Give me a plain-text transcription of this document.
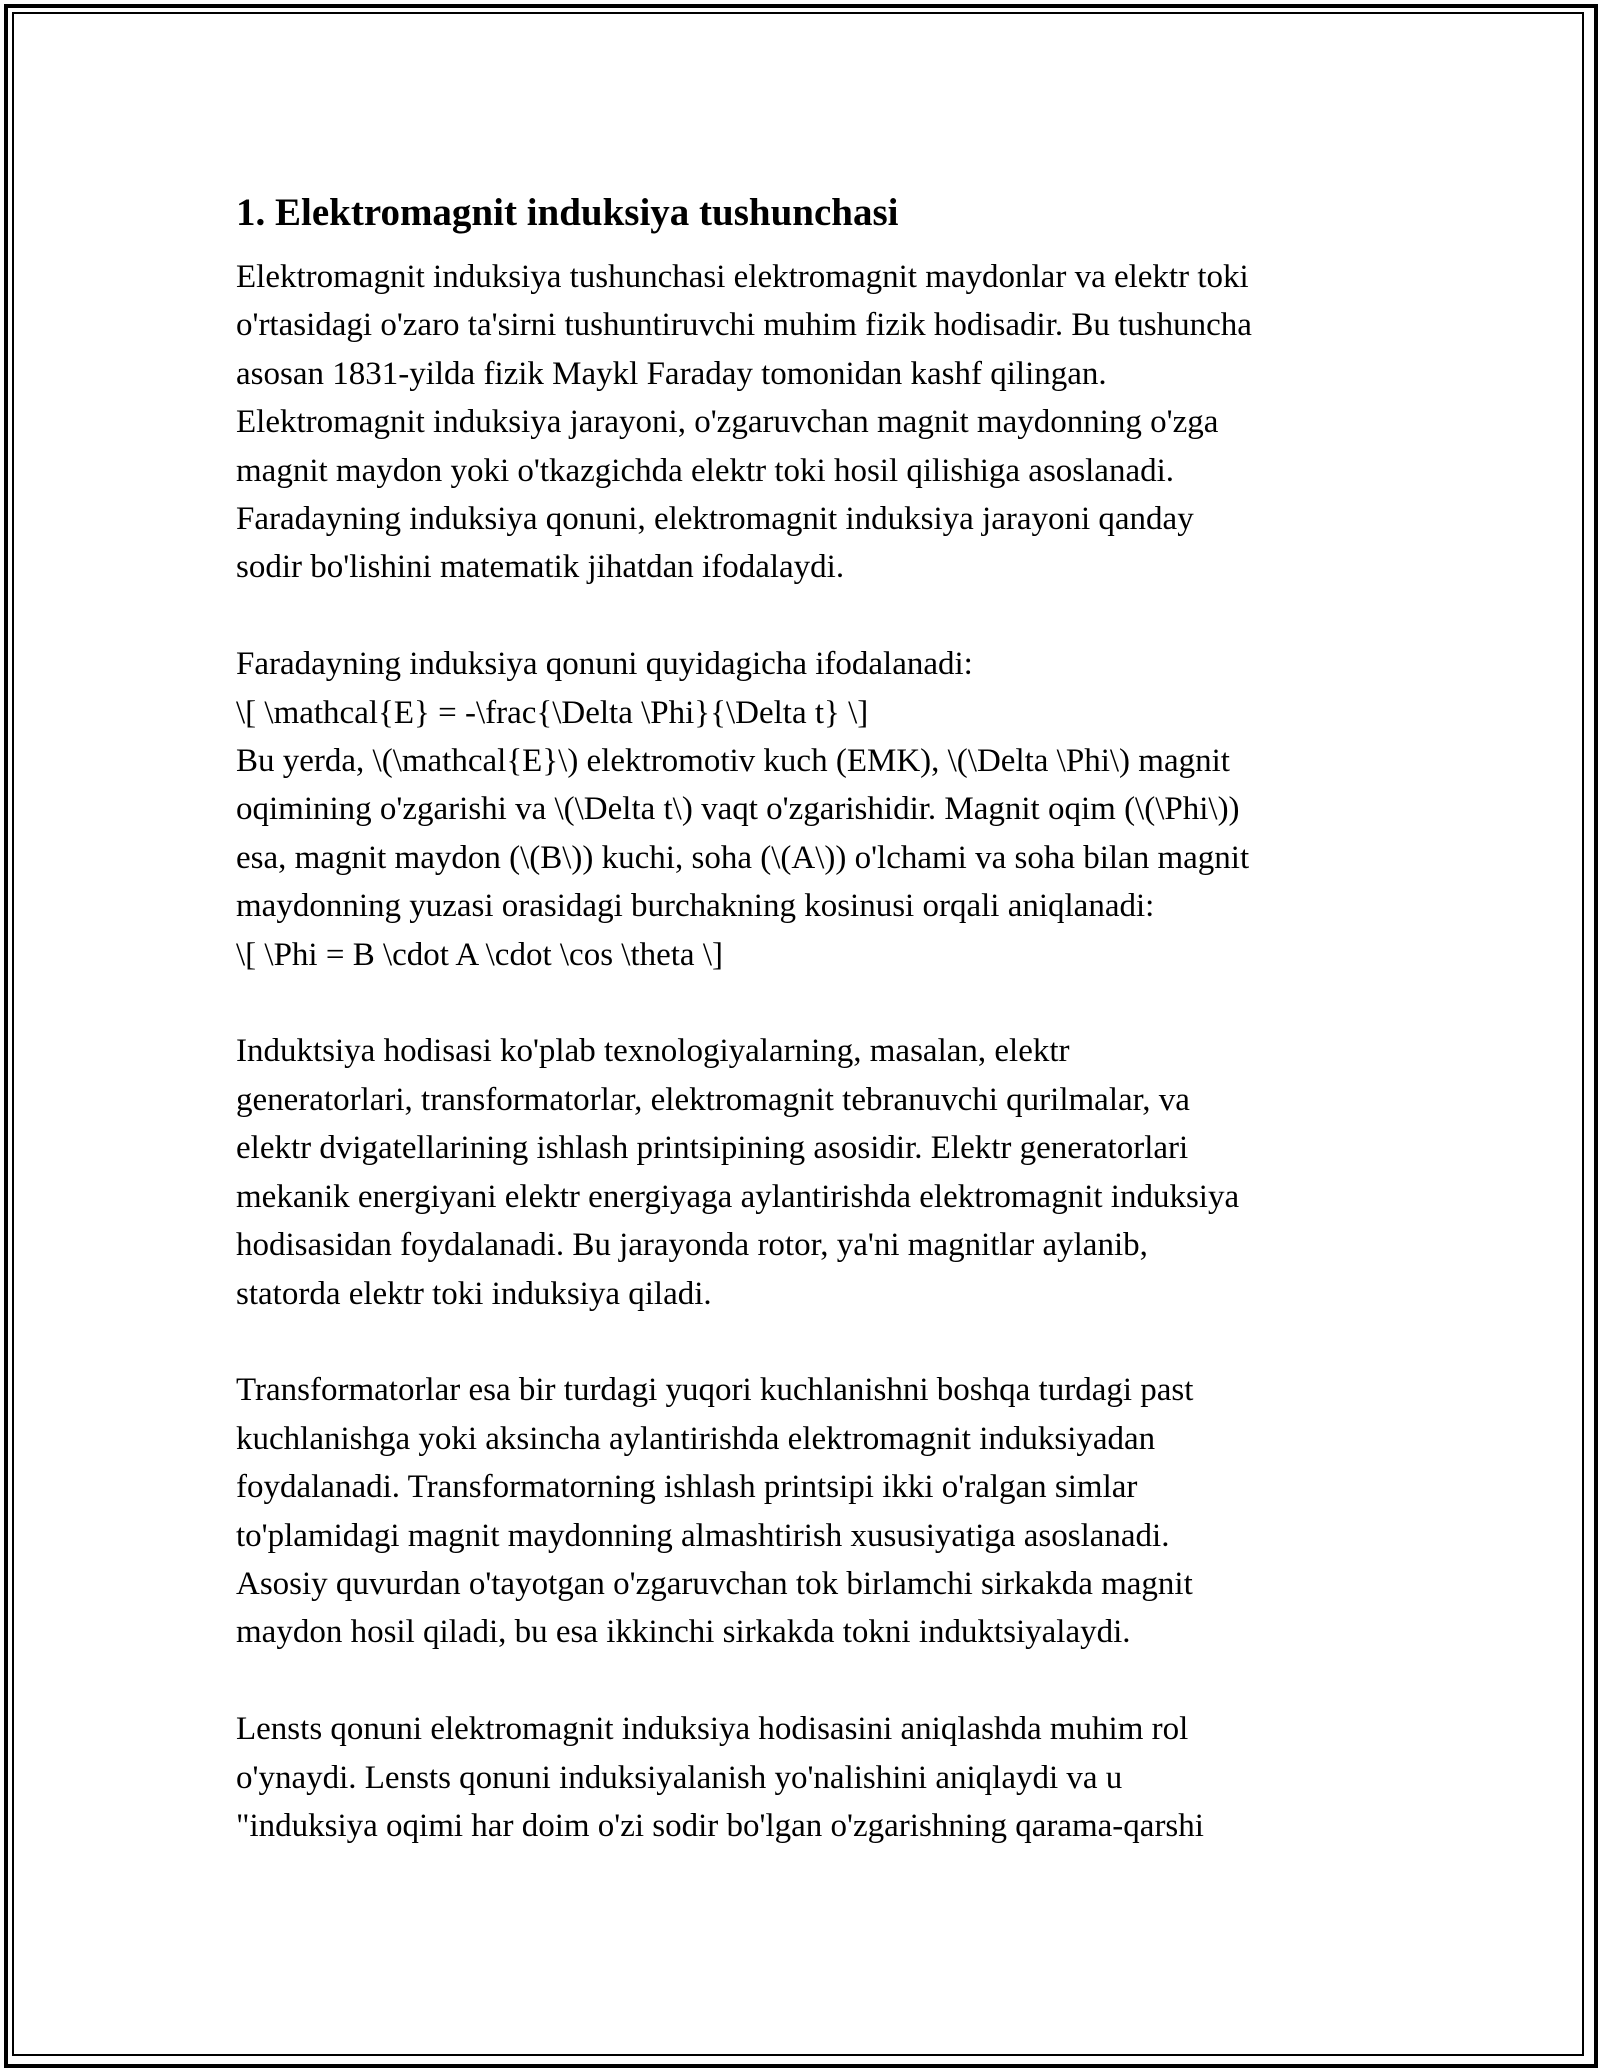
1. Elektromagnit induksiya tushunchasi

Elektromagnit induksiya tushunchasi elektromagnit maydonlar va elektr toki
o'rtasidagi o'zaro ta'sirni tushuntiruvchi muhim fizik hodisadir. Bu tushuncha
asosan 1831-yilda fizik Maykl Faraday tomonidan kashf qilingan.
Elektromagnit induksiya jarayoni, o'zgaruvchan magnit maydonning o'zga
magnit maydon yoki o'tkazgichda elektr toki hosil qilishiga asoslanadi.
Faradayning induksiya qonuni, elektromagnit induksiya jarayoni qanday
sodir bo'lishini matematik jihatdan ifodalaydi.

Faradayning induksiya qonuni quyidagicha ifodalanadi:
\[ \mathcal{E} = -\frac{\Delta \Phi}{\Delta t} \]
Bu yerda, \(\mathcal{E}\) elektromotiv kuch (EMK), \(\Delta \Phi\) magnit
oqimining o'zgarishi va \(\Delta t\) vaqt o'zgarishidir. Magnit oqim (\(\Phi\))
esa, magnit maydon (\(B\)) kuchi, soha (\(A\)) o'lchami va soha bilan magnit
maydonning yuzasi orasidagi burchakning kosinusi orqali aniqlanadi:
\[ \Phi = B \cdot A \cdot \cos \theta \]

Induktsiya hodisasi ko'plab texnologiyalarning, masalan, elektr
generatorlari, transformatorlar, elektromagnit tebranuvchi qurilmalar, va
elektr dvigatellarining ishlash printsipining asosidir. Elektr generatorlari
mekanik energiyani elektr energiyaga aylantirishda elektromagnit induksiya
hodisasidan foydalanadi. Bu jarayonda rotor, ya'ni magnitlar aylanib,
statorda elektr toki induksiya qiladi.

Transformatorlar esa bir turdagi yuqori kuchlanishni boshqa turdagi past
kuchlanishga yoki aksincha aylantirishda elektromagnit induksiyadan
foydalanadi. Transformatorning ishlash printsipi ikki o'ralgan simlar
to'plamidagi magnit maydonning almashtirish xususiyatiga asoslanadi.
Asosiy quvurdan o'tayotgan o'zgaruvchan tok birlamchi sirkakda magnit
maydon hosil qiladi, bu esa ikkinchi sirkakda tokni induktsiyalaydi.

Lensts qonuni elektromagnit induksiya hodisasini aniqlashda muhim rol
o'ynaydi. Lensts qonuni induksiyalanish yo'nalishini aniqlaydi va u
"induksiya oqimi har doim o'zi sodir bo'lgan o'zgarishning qarama-qarshi
